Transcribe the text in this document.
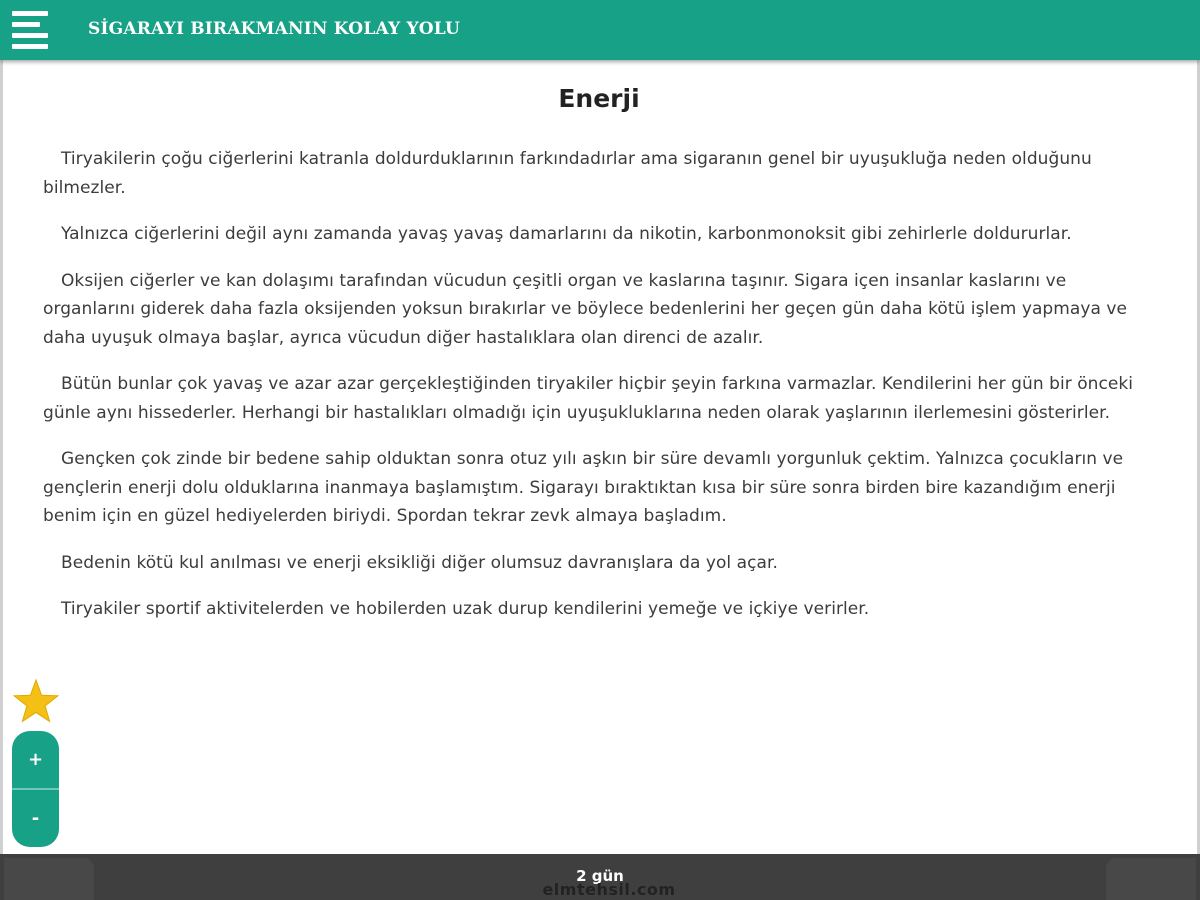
SİGARAYI BIRAKMANIN KOLAY YOLU
Enerji

Tiryakilerin çoğu ciğerlerini katranla doldurduklarının farkındadırlar ama sigaranın genel bir uyuşukluğa neden olduğunu bilmezler.

Yalnızca ciğerlerini değil aynı zamanda yavaş yavaş damarlarını da nikotin, karbonmonoksit gibi zehirlerle doldururlar.

Oksijen ciğerler ve kan dolaşımı tarafından vücudun çeşitli organ ve kaslarına taşınır. Sigara içen insanlar kaslarını ve organlarını giderek daha fazla oksijenden yoksun bırakırlar ve böylece bedenlerini her geçen gün daha kötü işlem yapmaya ve daha uyuşuk olmaya başlar, ayrıca vücudun diğer hastalıklara olan direnci de azalır.

Bütün bunlar çok yavaş ve azar azar gerçekleştiğinden tiryakiler hiçbir şeyin farkına varmazlar. Kendilerini her gün bir önceki günle aynı hissederler. Herhangi bir hastalıkları olmadığı için uyuşukluklarına neden olarak yaşlarının ilerlemesini gösterirler.

Gençken çok zinde bir bedene sahip olduktan sonra otuz yılı aşkın bir süre devamlı yorgunluk çektim. Yalnızca çocukların ve gençlerin enerji dolu olduklarına inanmaya başlamıştım. Sigarayı bıraktıktan kısa bir süre sonra birden bire kazandığım enerji benim için en güzel hediyelerden biriydi. Spordan tekrar zevk almaya başladım.

Bedenin kötü kul anılması ve enerji eksikliği diğer olumsuz davranışlara da yol açar.

Tiryakiler sportif aktivitelerden ve hobilerden uzak durup kendilerini yemeğe ve içkiye verirler.

+
-
2 gün
elmtehsil.com
